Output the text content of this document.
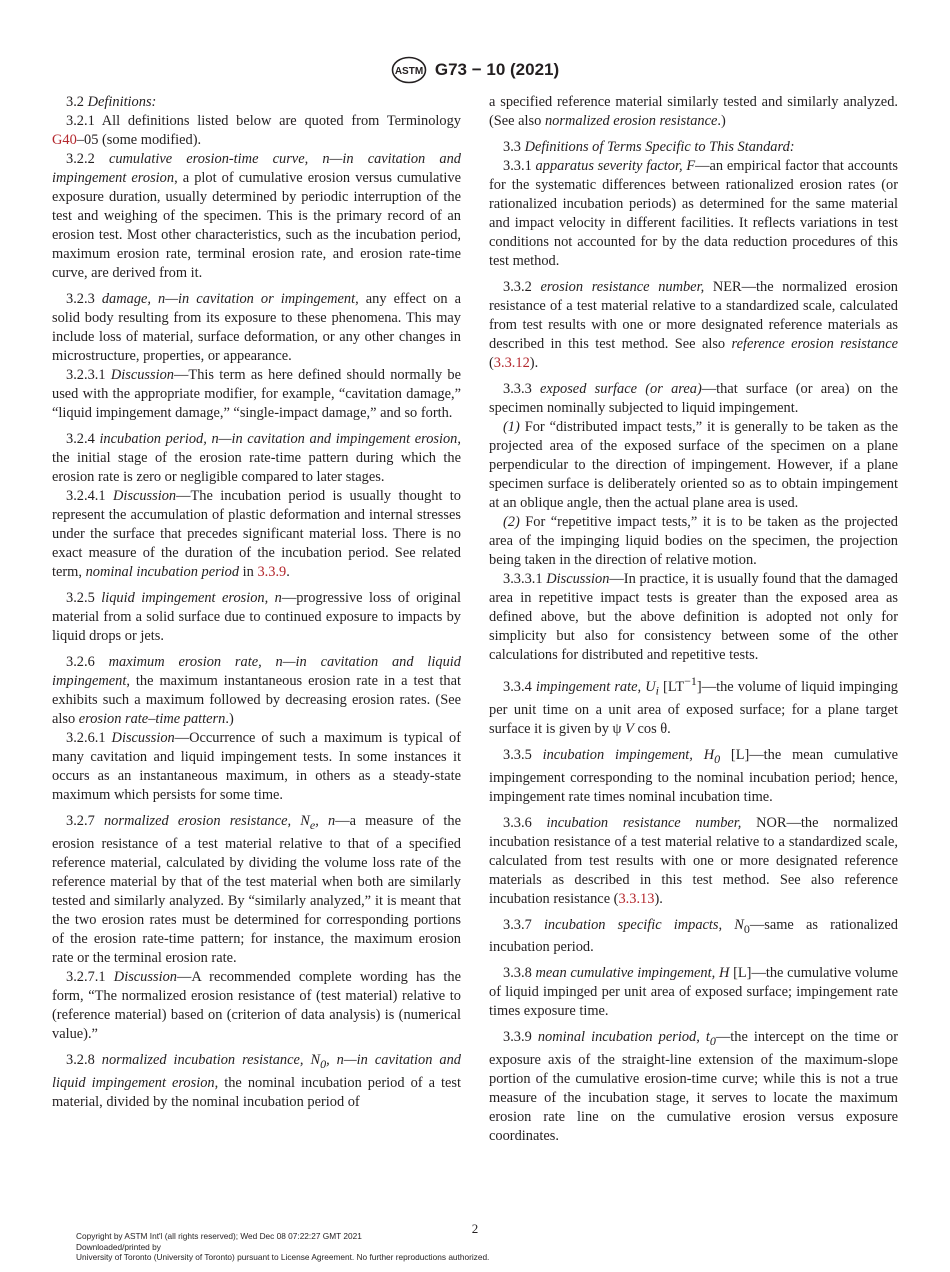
ASTM G73 − 10 (2021)

3.2 Definitions:

3.2.1 All definitions listed below are quoted from Terminology G40–05 (some modified).

3.2.2 cumulative erosion-time curve, n—in cavitation and impingement erosion, a plot of cumulative erosion versus cumulative exposure duration, usually determined by periodic interruption of the test and weighing of the specimen. This is the primary record of an erosion test. Most other characteristics, such as the incubation period, maximum erosion rate, terminal erosion rate, and erosion rate-time curve, are derived from it.

3.2.3 damage, n—in cavitation or impingement, any effect on a solid body resulting from its exposure to these phenomena. This may include loss of material, surface deformation, or any other changes in microstructure, properties, or appearance.

3.2.3.1 Discussion—This term as here defined should normally be used with the appropriate modifier, for example, “cavitation damage,” “liquid impingement damage,” “single-impact damage,” and so forth.

3.2.4 incubation period, n—in cavitation and impingement erosion, the initial stage of the erosion rate-time pattern during which the erosion rate is zero or negligible compared to later stages.

3.2.4.1 Discussion—The incubation period is usually thought to represent the accumulation of plastic deformation and internal stresses under the surface that precedes significant material loss. There is no exact measure of the duration of the incubation period. See related term, nominal incubation period in 3.3.9.

3.2.5 liquid impingement erosion, n—progressive loss of original material from a solid surface due to continued exposure to impacts by liquid drops or jets.

3.2.6 maximum erosion rate, n—in cavitation and liquid impingement, the maximum instantaneous erosion rate in a test that exhibits such a maximum followed by decreasing erosion rates. (See also erosion rate–time pattern.)

3.2.6.1 Discussion—Occurrence of such a maximum is typical of many cavitation and liquid impingement tests. In some instances it occurs as an instantaneous maximum, in others as a steady-state maximum which persists for some time.

3.2.7 normalized erosion resistance, $N_e$, n—a measure of the erosion resistance of a test material relative to that of a specified reference material, calculated by dividing the volume loss rate of the reference material by that of the test material when both are similarly tested and similarly analyzed. By “similarly analyzed,” it is meant that the two erosion rates must be determined for corresponding portions of the erosion rate-time pattern; for instance, the maximum erosion rate or the terminal erosion rate.

3.2.7.1 Discussion—A recommended complete wording has the form, “The normalized erosion resistance of (test material) relative to (reference material) based on (criterion of data analysis) is (numerical value).”

3.2.8 normalized incubation resistance, $N_0$, n—in cavitation and liquid impingement erosion, the nominal incubation period of a test material, divided by the nominal incubation period of

a specified reference material similarly tested and similarly analyzed. (See also normalized erosion resistance.)

3.3 Definitions of Terms Specific to This Standard:

3.3.1 apparatus severity factor, F—an empirical factor that accounts for the systematic differences between rationalized erosion rates (or rationalized incubation periods) as determined for the same material and impact velocity in different facilities. It reflects variations in test conditions not accounted for by the data reduction procedures of this test method.

3.3.2 erosion resistance number, NER—the normalized erosion resistance of a test material relative to a standardized scale, calculated from test results with one or more designated reference materials as described in this test method. See also reference erosion resistance (3.3.12).

3.3.3 exposed surface (or area)—that surface (or area) on the specimen nominally subjected to liquid impingement.

(1) For “distributed impact tests,” it is generally to be taken as the projected area of the exposed surface of the specimen on a plane perpendicular to the direction of impingement. However, if a plane specimen surface is deliberately oriented so as to obtain impingement at an oblique angle, then the actual plane area is used.

(2) For “repetitive impact tests,” it is to be taken as the projected area of the impinging liquid bodies on the specimen, the projection being taken in the direction of relative motion.

3.3.3.1 Discussion—In practice, it is usually found that the damaged area in repetitive impact tests is greater than the exposed area as defined above, but the above definition is adopted not only for simplicity but also for consistency between some of the other calculations for distributed and repetitive tests.

3.3.4 impingement rate, $U_i$ $[LT^{-1}]—the$ volume of liquid impinging per unit time on a unit area of exposed surface; for a plane target surface it is given by ψ V cos θ.

3.3.5 incubation impingement, $H_0$ [L]—the mean cumulative impingement corresponding to the nominal incubation period; hence, impingement rate times nominal incubation time.

3.3.6 incubation resistance number, NOR—the normalized incubation resistance of a test material relative to a standardized scale, calculated from test results with one or more designated reference materials as described in this test method. See also reference incubation resistance (3.3.13).

3.3.7 incubation specific impacts, $N_0—same$ as rationalized incubation period.

3.3.8 mean cumulative impingement, H [L]—the cumulative volume of liquid impinged per unit area of exposed surface; impingement rate times exposure time.

3.3.9 nominal incubation period, $t_0—the$ intercept on the time or exposure axis of the straight-line extension of the maximum-slope portion of the cumulative erosion-time curve; while this is not a true measure of the incubation stage, it serves to locate the maximum erosion rate line on the cumulative erosion versus exposure coordinates.

2
Copyright by ASTM Int'l (all rights reserved); Wed Dec 08 07:22:27 GMT 2021
Downloaded/printed by
University of Toronto (University of Toronto) pursuant to License Agreement. No further reproductions authorized.
